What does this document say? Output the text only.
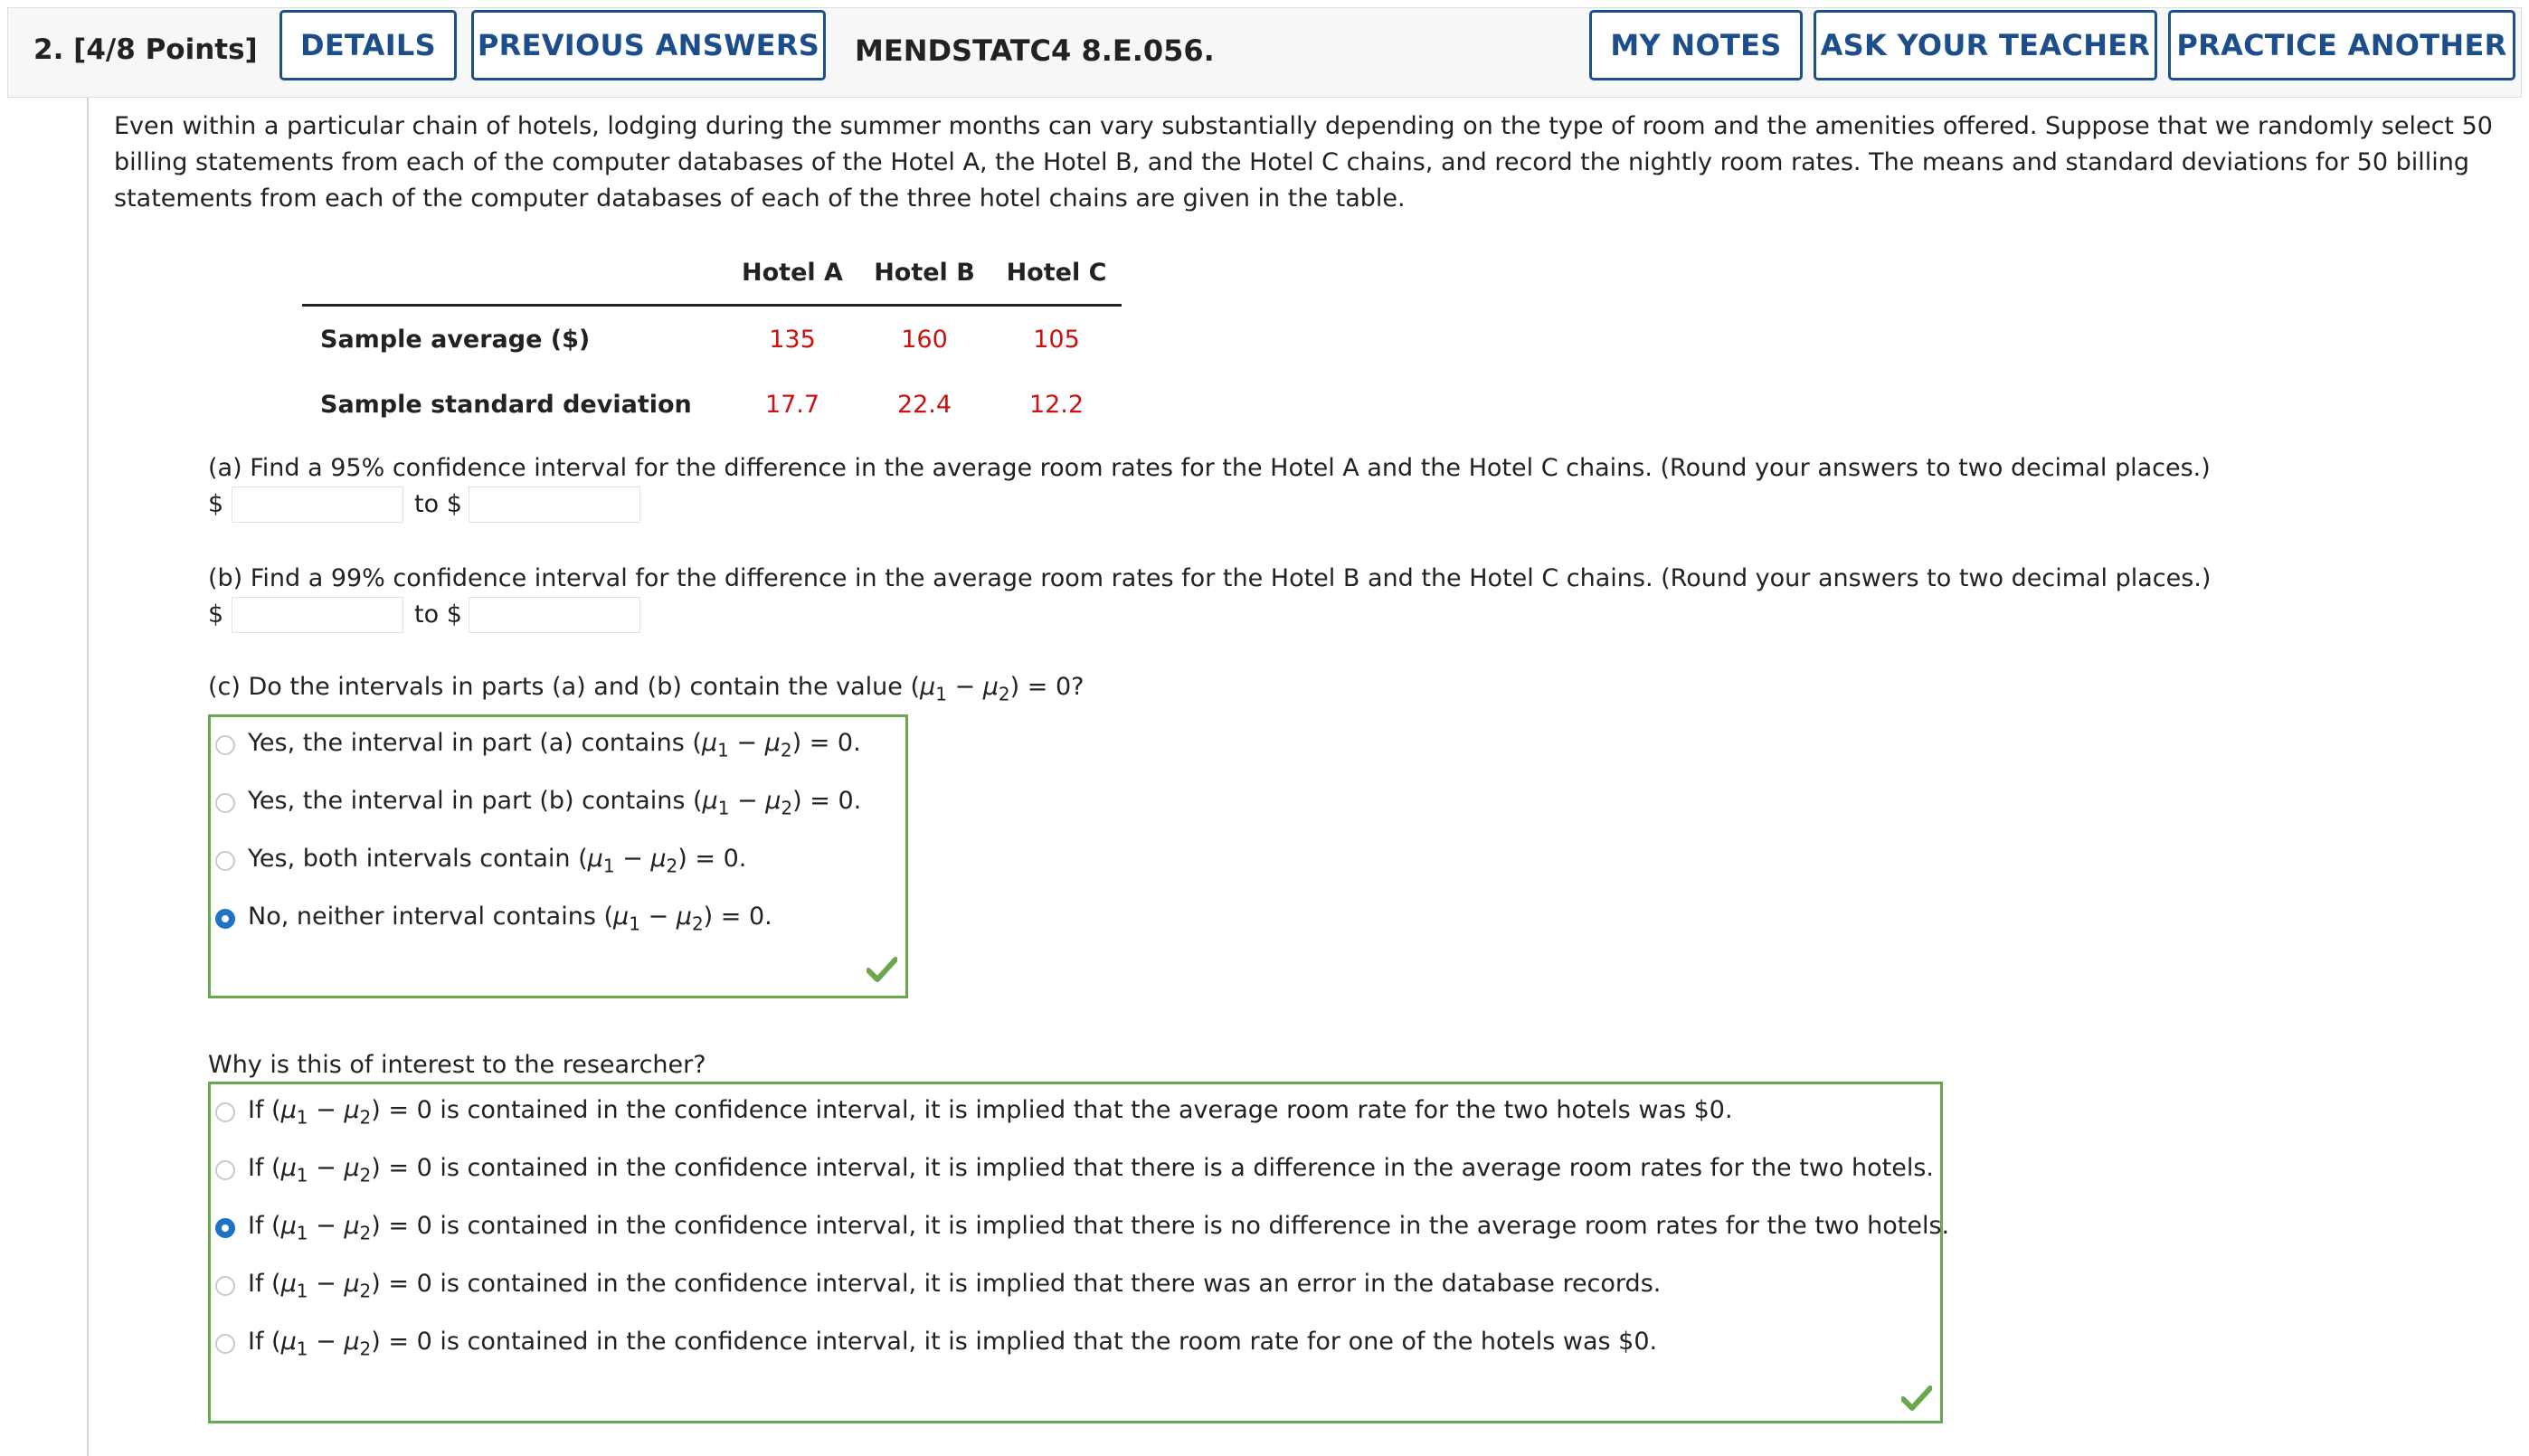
2. [4/8 Points]	DETAILS	PREVIOUS ANSWERS MENDSTATC4 8.E.056.	MY NOTES	ASK YOUR TEACHER PRACTICE ANOTHER
Even within a particular chain of hotels, lodging during the summer months can vary substantially depending on the type of room and the amenities offered. Suppose that we randomly select 50 billing statements from each of the computer databases of the Hotel A, the Hotel B, and the Hotel C chains, and record the nightly room rates. The means and standard deviations for 50 billing statements from each of the computer databases of each of the three hotel chains are given in the table.
Hotel A	Hotel B	Hotel C
Sample average ($)	135	160	105
Sample standard deviation	17.7	22.4	12.2
(a) Find a 95% confidence interval for the difference in the average room rates for the Hotel A and the Hotel C chains. (Round your answers to two decimal places.)
$	to $
(b) Find a 99% confidence interval for the difference in the average room rates for the Hotel B and the Hotel C chains. (Round your answers to two decimal places.)
$	to $
(c) Do the intervals in parts (a) and (b) contain the value $(\mu_1 - \mu_2) = 0$?
Yes, the interval in part (a) contains $(\mu_1 - \mu_2) = 0$.
Yes, the interval in part (b) contains $(\mu_1 - \mu_2) = 0$.
Yes, both intervals contain $(\mu_1 - \mu_2) = 0$.
No, neither interval contains $(\mu_1 - \mu_2) = 0$.
Why is this of interest to the researcher?
If $(\mu_1 - \mu_2) = 0$ is contained in the confidence interval, it is implied that the average room rate for the two hotels was $0.
If $(\mu_1 - \mu_2) = 0$ is contained in the confidence interval, it is implied that there is a difference in the average room rates for the two hotels.
If $(\mu_1 - \mu_2) = 0$ is contained in the confidence interval, it is implied that there is no difference in the average room rates for the two hotels.
If $(\mu_1 - \mu_2) = 0$ is contained in the confidence interval, it is implied that there was an error in the database records.
If $(\mu_1 - \mu_2) = 0$ is contained in the confidence interval, it is implied that the room rate for one of the hotels was $0.
